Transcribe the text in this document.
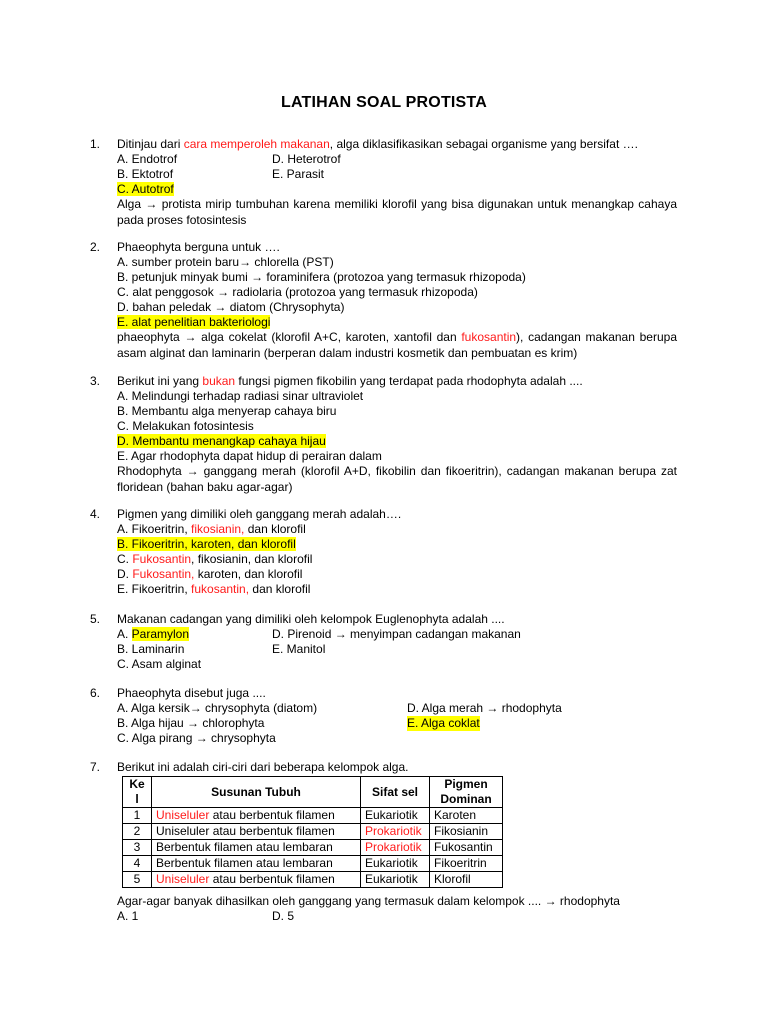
LATIHAN SOAL PROTISTA
1.	Ditinjau dari cara memperoleh makanan, alga diklasifikasikan sebagai organisme yang bersifat ….
A. Endotrof	D. Heterotrof
B. Ektotrof	E. Parasit
C. Autotrof
Alga → protista mirip tumbuhan karena memiliki klorofil yang bisa digunakan untuk menangkap cahaya pada proses fotosintesis
2.	Phaeophyta berguna untuk ….
A. sumber protein baru→ chlorella (PST)
B. petunjuk minyak bumi → foraminifera (protozoa yang termasuk rhizopoda)
C. alat penggosok → radiolaria (protozoa yang termasuk rhizopoda)
D. bahan peledak → diatom (Chrysophyta)
E. alat penelitian bakteriologi
phaeophyta → alga cokelat (klorofil A+C, karoten, xantofil dan fukosantin), cadangan makanan berupa asam alginat dan laminarin (berperan dalam industri kosmetik dan pembuatan es krim)
3.	Berikut ini yang bukan fungsi pigmen fikobilin yang terdapat pada rhodophyta adalah ....
A. Melindungi terhadap radiasi sinar ultraviolet
B. Membantu alga menyerap cahaya biru
C. Melakukan fotosintesis
D. Membantu menangkap cahaya hijau
E. Agar rhodophyta dapat hidup di perairan dalam
Rhodophyta → ganggang merah (klorofil A+D, fikobilin dan fikoeritrin), cadangan makanan berupa zat floridean (bahan baku agar-agar)
4.	Pigmen yang dimiliki oleh ganggang merah adalah….
A. Fikoeritrin, fikosianin, dan klorofil
B. Fikoeritrin, karoten, dan klorofil
C. Fukosantin, fikosianin, dan klorofil
D. Fukosantin, karoten, dan klorofil
E. Fikoeritrin, fukosantin, dan klorofil
5.	Makanan cadangan yang dimiliki oleh kelompok Euglenophyta adalah ....
A. Paramylon	D. Pirenoid → menyimpan cadangan makanan
B. Laminarin	E. Manitol
C. Asam alginat
6.	Phaeophyta disebut juga ....
A. Alga kersik→ chrysophyta (diatom)	D. Alga merah → rhodophyta
B. Alga hijau → chlorophyta	E. Alga coklat
C. Alga pirang → chrysophyta
7.	Berikut ini adalah ciri-ciri dari beberapa kelompok alga.
Ke l	Susunan Tubuh	Sifat sel	Pigmen Dominan
1	Uniseluler atau berbentuk filamen	Eukariotik	Karoten
2	Uniseluler atau berbentuk filamen	Prokariotik	Fikosianin
3	Berbentuk filamen atau lembaran	Prokariotik	Fukosantin
4	Berbentuk filamen atau lembaran	Eukariotik	Fikoeritrin
5	Uniseluler atau berbentuk filamen	Eukariotik	Klorofil
Agar-agar banyak dihasilkan oleh ganggang yang termasuk dalam kelompok .... → rhodophyta
A. 1	D. 5
